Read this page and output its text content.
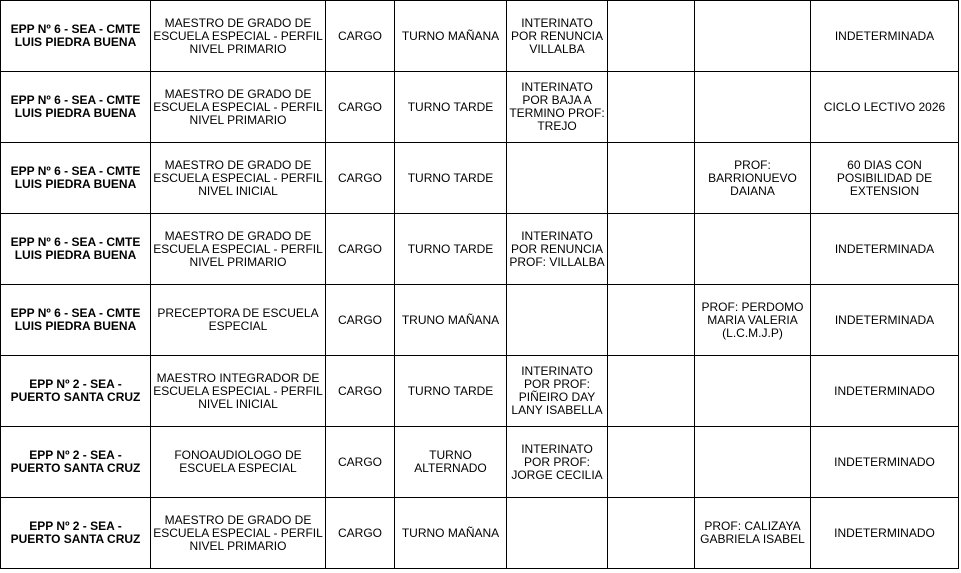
EPP Nº 6 - SEA - CMTE LUIS PIEDRA BUENA	MAESTRO DE GRADO DE ESCUELA ESPECIAL - PERFIL NIVEL PRIMARIO	CARGO	TURNO MAÑANA	INTERINATO POR RENUNCIA VILLALBA			INDETERMINADA
EPP Nº 6 - SEA - CMTE LUIS PIEDRA BUENA	MAESTRO DE GRADO DE ESCUELA ESPECIAL - PERFIL NIVEL PRIMARIO	CARGO	TURNO TARDE	INTERINATO POR BAJA A TERMINO PROF: TREJO			CICLO LECTIVO 2026
EPP Nº 6 - SEA - CMTE LUIS PIEDRA BUENA	MAESTRO DE GRADO DE ESCUELA ESPECIAL - PERFIL NIVEL INICIAL	CARGO	TURNO TARDE			PROF: BARRIONUEVO DAIANA	60 DIAS CON POSIBILIDAD DE EXTENSION
EPP Nº 6 - SEA - CMTE LUIS PIEDRA BUENA	MAESTRO DE GRADO DE ESCUELA ESPECIAL - PERFIL NIVEL PRIMARIO	CARGO	TURNO TARDE	INTERINATO POR RENUNCIA PROF: VILLALBA			INDETERMINADA
EPP Nº 6 - SEA - CMTE LUIS PIEDRA BUENA	PRECEPTORA DE ESCUELA ESPECIAL	CARGO	TRUNO MAÑANA			PROF: PERDOMO MARIA VALERIA (L.C.M.J.P)	INDETERMINADA
EPP Nº 2 - SEA - PUERTO SANTA CRUZ	MAESTRO INTEGRADOR DE ESCUELA ESPECIAL - PERFIL NIVEL INICIAL	CARGO	TURNO TARDE	INTERINATO POR PROF: PIÑEIRO DAY LANY ISABELLA			INDETERMINADO
EPP Nº 2 - SEA - PUERTO SANTA CRUZ	FONOAUDIOLOGO DE ESCUELA ESPECIAL	CARGO	TURNO ALTERNADO	INTERINATO POR PROF: JORGE CECILIA			INDETERMINADO
EPP Nº 2 - SEA - PUERTO SANTA CRUZ	MAESTRO DE GRADO DE ESCUELA ESPECIAL - PERFIL NIVEL PRIMARIO	CARGO	TURNO MAÑANA			PROF: CALIZAYA GABRIELA ISABEL	INDETERMINADO
